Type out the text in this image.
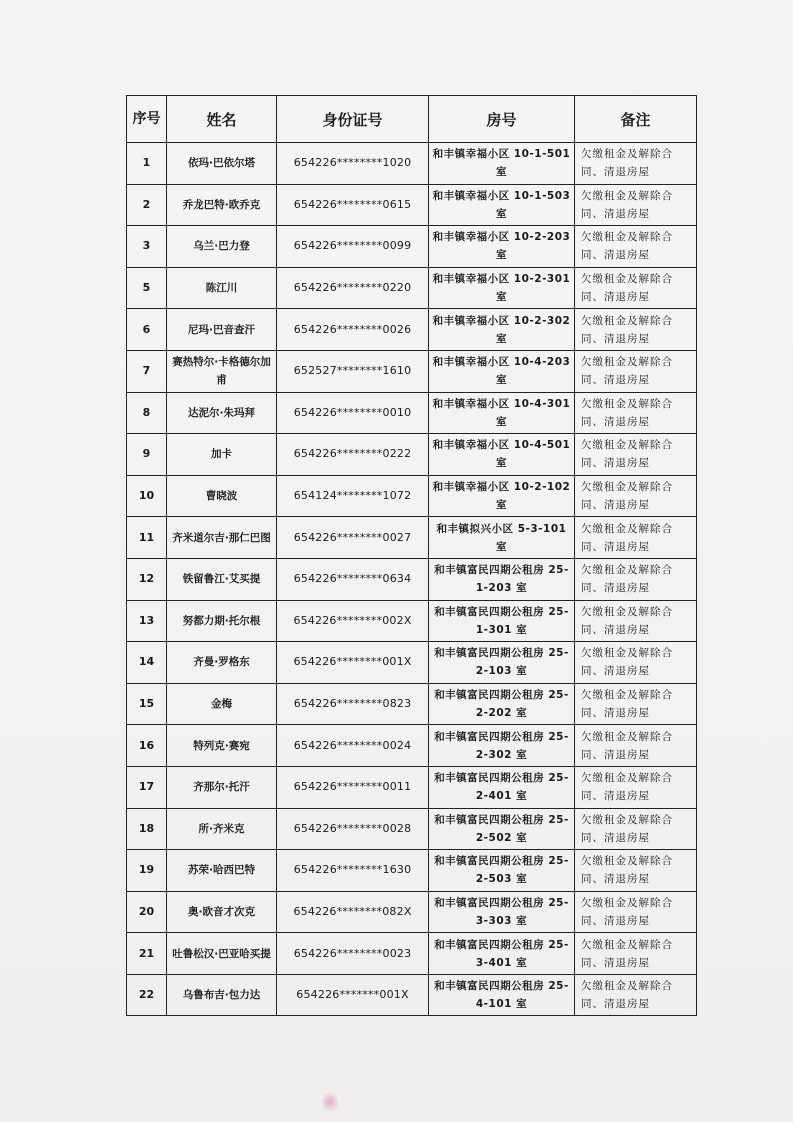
序号	姓名	身份证号	房号	备注
1	依玛·巴依尔塔	654226********1020	和丰镇幸福小区 10-1-501 室	欠缴租金及解除合同、清退房屋
2	乔龙巴特·欧乔克	654226********0615	和丰镇幸福小区 10-1-503 室	欠缴租金及解除合同、清退房屋
3	乌兰·巴力登	654226********0099	和丰镇幸福小区 10-2-203 室	欠缴租金及解除合同、清退房屋
5	陈江川	654226********0220	和丰镇幸福小区 10-2-301 室	欠缴租金及解除合同、清退房屋
6	尼玛·巴音查汗	654226********0026	和丰镇幸福小区 10-2-302 室	欠缴租金及解除合同、清退房屋
7	赛热特尔·卡格德尔加甫	652527********1610	和丰镇幸福小区 10-4-203 室	欠缴租金及解除合同、清退房屋
8	达泥尔·朱玛拜	654226********0010	和丰镇幸福小区 10-4-301 室	欠缴租金及解除合同、清退房屋
9	加卡	654226********0222	和丰镇幸福小区 10-4-501 室	欠缴租金及解除合同、清退房屋
10	曹晓波	654124********1072	和丰镇幸福小区 10-2-102 室	欠缴租金及解除合同、清退房屋
11	齐米道尔吉·那仁巴图	654226********0027	和丰镇拟兴小区 5-3-101 室	欠缴租金及解除合同、清退房屋
12	铁留鲁江·艾买提	654226********0634	和丰镇富民四期公租房 25-1-203 室	欠缴租金及解除合同、清退房屋
13	努都力期·托尔根	654226********002X	和丰镇富民四期公租房 25-1-301 室	欠缴租金及解除合同、清退房屋
14	齐曼·罗格东	654226********001X	和丰镇富民四期公租房 25-2-103 室	欠缴租金及解除合同、清退房屋
15	金梅	654226********0823	和丰镇富民四期公租房 25-2-202 室	欠缴租金及解除合同、清退房屋
16	特列克·赛宛	654226********0024	和丰镇富民四期公租房 25-2-302 室	欠缴租金及解除合同、清退房屋
17	齐那尔·托汗	654226********0011	和丰镇富民四期公租房 25-2-401 室	欠缴租金及解除合同、清退房屋
18	所·齐米克	654226********0028	和丰镇富民四期公租房 25-2-502 室	欠缴租金及解除合同、清退房屋
19	苏荣·哈西巴特	654226********1630	和丰镇富民四期公租房 25-2-503 室	欠缴租金及解除合同、清退房屋
20	奥·欧音才次克	654226********082X	和丰镇富民四期公租房 25-3-303 室	欠缴租金及解除合同、清退房屋
21	吐鲁松汉·巴亚哈买提	654226********0023	和丰镇富民四期公租房 25-3-401 室	欠缴租金及解除合同、清退房屋
22	乌鲁布吉·包力达	654226*******001X	和丰镇富民四期公租房 25-4-101 室	欠缴租金及解除合同、清退房屋
